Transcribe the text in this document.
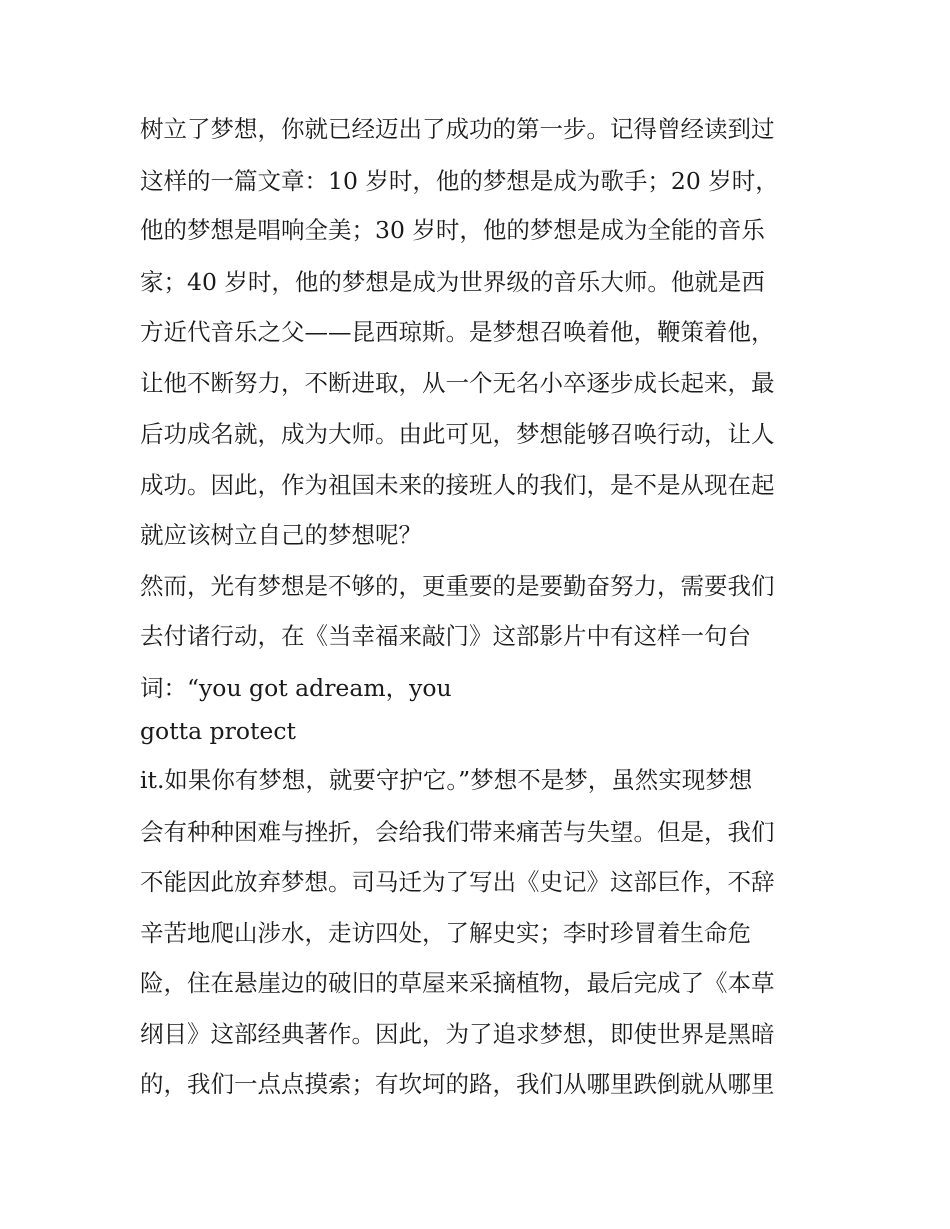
树立了梦想，你就已经迈出了成功的第一步。记得曾经读到过
这样的一篇文章：10 岁时，他的梦想是成为歌手；20 岁时，
他的梦想是唱响全美；30 岁时，他的梦想是成为全能的音乐
家；40 岁时，他的梦想是成为世界级的音乐大师。他就是西
方近代音乐之父——昆西琼斯。是梦想召唤着他，鞭策着他，
让他不断努力，不断进取，从一个无名小卒逐步成长起来，最
后功成名就，成为大师。由此可见，梦想能够召唤行动，让人
成功。因此，作为祖国未来的接班人的我们，是不是从现在起
就应该树立自己的梦想呢？
然而，光有梦想是不够的，更重要的是要勤奋努力，需要我们
去付诸行动，在《当幸福来敲门》这部影片中有这样一句台
词：“you got adream，you
gotta protect
it.如果你有梦想，就要守护它。”梦想不是梦，虽然实现梦想
会有种种困难与挫折，会给我们带来痛苦与失望。但是，我们
不能因此放弃梦想。司马迁为了写出《史记》这部巨作，不辞
辛苦地爬山涉水，走访四处，了解史实；李时珍冒着生命危
险，住在悬崖边的破旧的草屋来采摘植物，最后完成了《本草
纲目》这部经典著作。因此，为了追求梦想，即使世界是黑暗
的，我们一点点摸索；有坎坷的路，我们从哪里跌倒就从哪里
